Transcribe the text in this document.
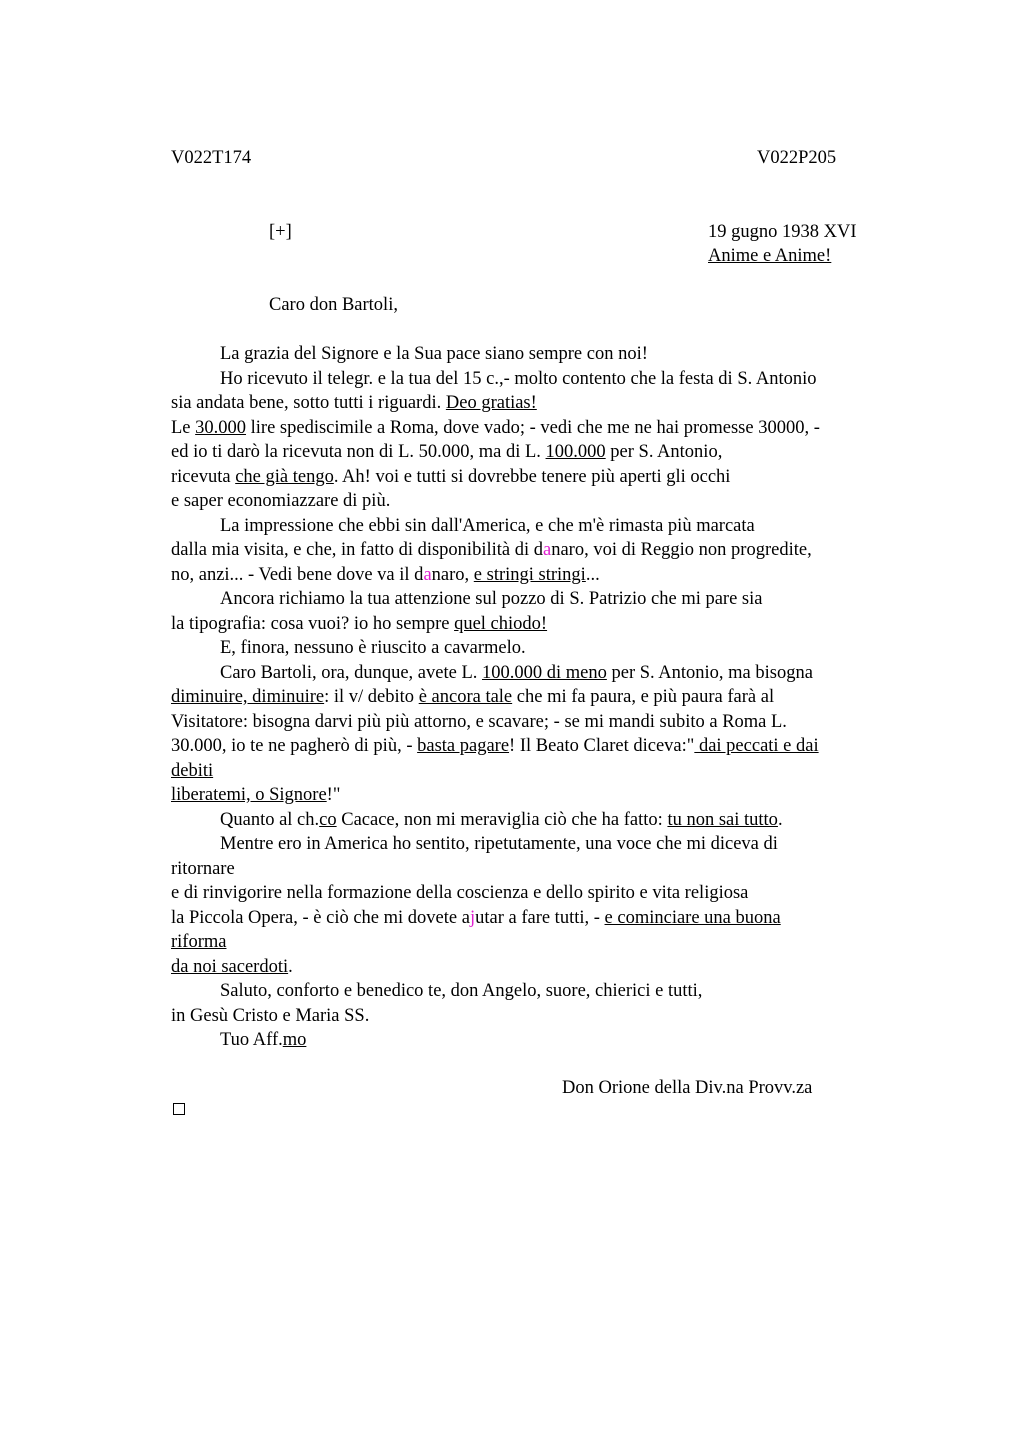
V022T174	V022P205
[+]	19 gugno 1938 XVI
Anime e Anime!
Caro don Bartoli,
La grazia del Signore e la Sua pace siano sempre con noi!
Ho ricevuto il telegr. e la tua del 15 c.,- molto contento che la festa di S. Antonio
sia andata bene, sotto tutti i riguardi. Deo gratias!
Le 30.000 lire spediscimile a Roma, dove vado; - vedi che me ne hai promesse 30000, -
ed io ti darò la ricevuta non di L. 50.000, ma di L. 100.000 per S. Antonio,
ricevuta che già tengo. Ah! voi e tutti si dovrebbe tenere più aperti gli occhi
e saper economiazzare di più.
La impressione che ebbi sin dall'America, e che m'è rimasta più marcata
dalla mia visita, e che, in fatto di disponibilità di danaro, voi di Reggio non progredite,
no, anzi... - Vedi bene dove va il danaro, e stringi stringi...
Ancora richiamo la tua attenzione sul pozzo di S. Patrizio che mi pare sia
la tipografia: cosa vuoi? io ho sempre quel chiodo!
E, finora, nessuno è riuscito a cavarmelo.
Caro Bartoli, ora, dunque, avete L. 100.000 di meno per S. Antonio, ma bisogna
diminuire, diminuire: il v/ debito è ancora tale che mi fa paura, e più paura farà al
Visitatore: bisogna darvi più più attorno, e scavare; - se mi mandi subito a Roma L.
30.000, io te ne pagherò di più, - basta pagare! Il Beato Claret diceva:" dai peccati e dai
debiti
liberatemi, o Signore!"
Quanto al ch.co Cacace, non mi meraviglia ciò che ha fatto: tu non sai tutto.
Mentre ero in America ho sentito, ripetutamente, una voce che mi diceva di
ritornare
e di rinvigorire nella formazione della coscienza e dello spirito e vita religiosa
la Piccola Opera, - è ciò che mi dovete ajutar a fare tutti, - e cominciare una buona
riforma
da noi sacerdoti.
Saluto, conforto e benedico te, don Angelo, suore, chierici e tutti,
in Gesù Cristo e Maria SS.
Tuo Aff.mo
Don Orione della Div.na Provv.za
